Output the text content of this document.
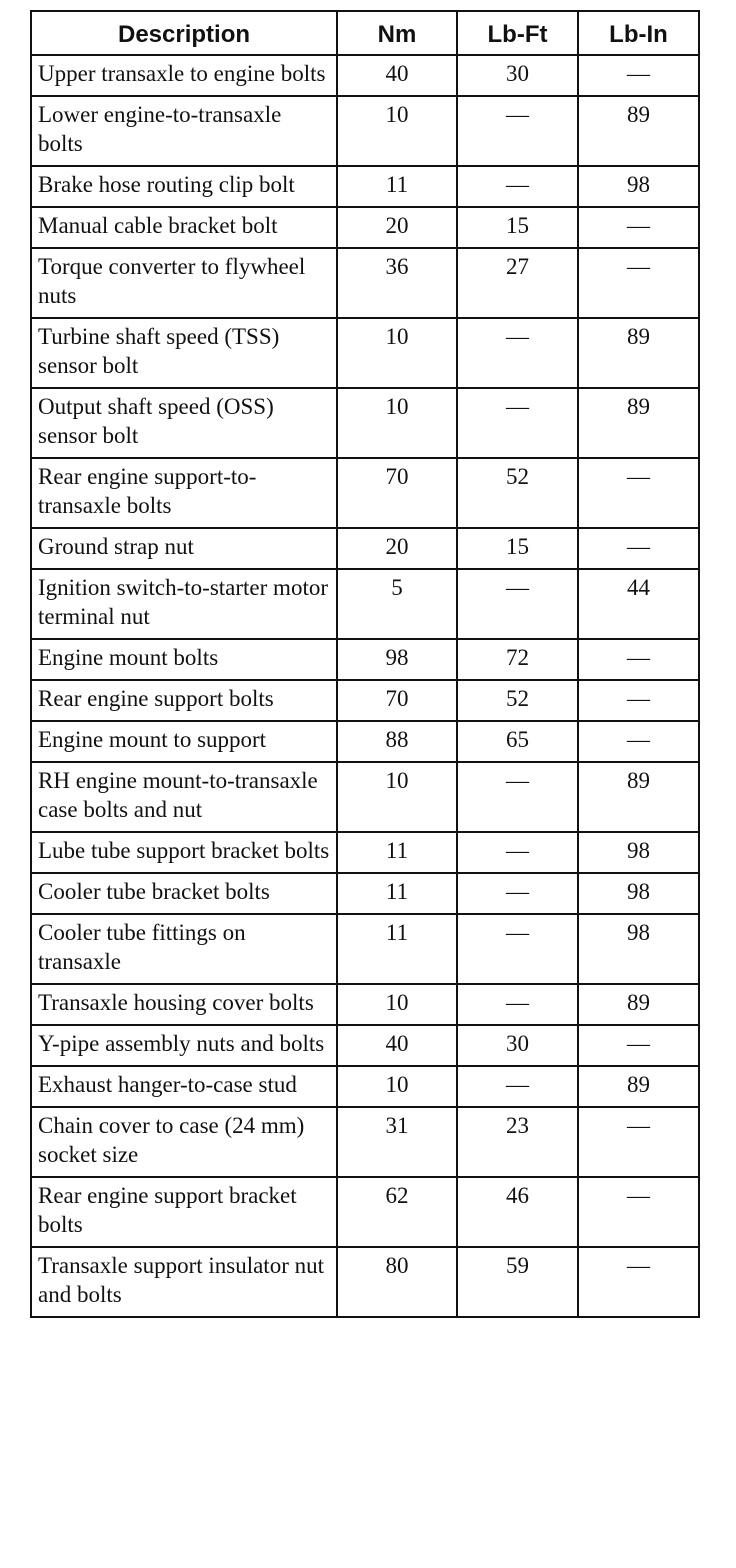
Description	Nm	Lb-Ft	Lb-In
Upper transaxle to engine bolts	40	30	—
Lower engine-to-transaxle bolts	10	—	89
Brake hose routing clip bolt	11	—	98
Manual cable bracket bolt	20	15	—
Torque converter to flywheel nuts	36	27	—
Turbine shaft speed (TSS) sensor bolt	10	—	89
Output shaft speed (OSS) sensor bolt	10	—	89
Rear engine support-to-transaxle bolts	70	52	—
Ground strap nut	20	15	—
Ignition switch-to-starter motor terminal nut	5	—	44
Engine mount bolts	98	72	—
Rear engine support bolts	70	52	—
Engine mount to support	88	65	—
RH engine mount-to-transaxle case bolts and nut	10	—	89
Lube tube support bracket bolts	11	—	98
Cooler tube bracket bolts	11	—	98
Cooler tube fittings on transaxle	11	—	98
Transaxle housing cover bolts	10	—	89
Y-pipe assembly nuts and bolts	40	30	—
Exhaust hanger-to-case stud	10	—	89
Chain cover to case (24 mm) socket size	31	23	—
Rear engine support bracket bolts	62	46	—
Transaxle support insulator nut and bolts	80	59	—
